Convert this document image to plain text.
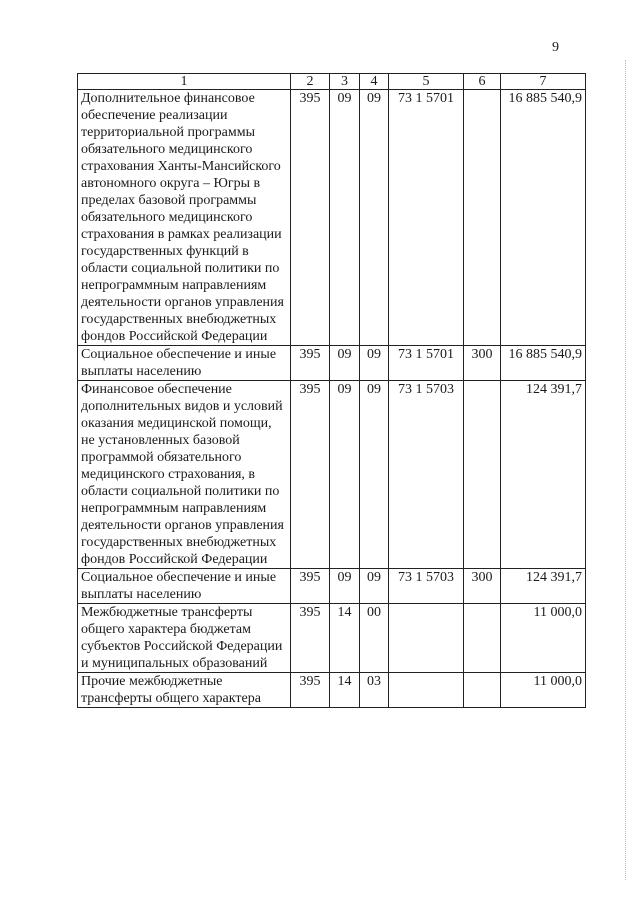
9
1	2	3	4	5	6	7
Дополнительное финансовое обеспечение реализации территориальной программы обязательного медицинского страхования Ханты-Мансийского автономного округа – Югры в пределах базовой программы обязательного медицинского страхования в рамках реализации государственных функций в области социальной политики по непрограммным направлениям деятельности органов управления государственных внебюджетных фондов Российской Федерации	395	09	09	73 1 5701		16 885 540,9
Социальное обеспечение и иные выплаты населению	395	09	09	73 1 5701	300	16 885 540,9
Финансовое обеспечение дополнительных видов и условий оказания медицинской помощи, не установленных базовой программой обязательного медицинского страхования, в области социальной политики по непрограммным направлениям деятельности органов управления государственных внебюджетных фондов Российской Федерации	395	09	09	73 1 5703		124 391,7
Социальное обеспечение и иные выплаты населению	395	09	09	73 1 5703	300	124 391,7
Межбюджетные трансферты общего характера бюджетам субъектов Российской Федерации и муниципальных образований	395	14	00			11 000,0
Прочие межбюджетные трансферты общего характера	395	14	03			11 000,0
